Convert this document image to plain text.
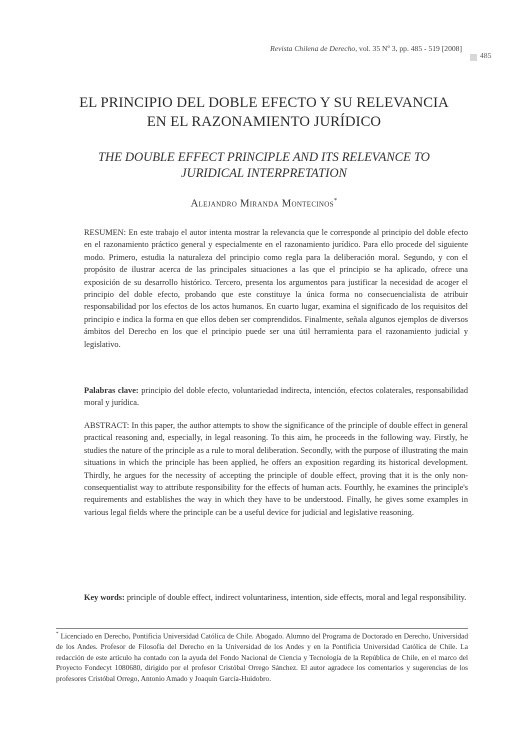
Revista Chilena de Derecho, vol. 35 Nº 3, pp. 485 - 519 [2008]
485
EL PRINCIPIO DEL DOBLE EFECTO Y SU RELEVANCIA
EN EL RAZONAMIENTO JURÍDICO
THE DOUBLE EFFECT PRINCIPLE AND ITS RELEVANCE TO
JURIDICAL INTERPRETATION
Alejandro Miranda Montecinos*
RESUMEN: En este trabajo el autor intenta mostrar la relevancia que le corresponde al principio del doble efecto en el razonamiento práctico general y especialmente en el razonamiento jurídico. Para ello procede del siguiente modo. Primero, estudia la naturaleza del principio como regla para la deliberación moral. Segundo, y con el propósito de ilustrar acerca de las principales situaciones a las que el principio se ha aplicado, ofrece una exposición de su desarrollo histórico. Tercero, presenta los argumentos para justificar la necesidad de acoger el principio del doble efecto, probando que este constituye la única forma no consecuencialista de atribuir responsabilidad por los efectos de los actos humanos. En cuarto lugar, examina el significado de los requisitos del principio e indica la forma en que ellos deben ser comprendidos. Finalmente, señala algunos ejemplos de diversos ámbitos del Derecho en los que el principio puede ser una útil herramienta para el razonamiento judicial y legislativo.
Palabras clave: principio del doble efecto, voluntariedad indirecta, intención, efectos colaterales, responsabilidad moral y jurídica.
ABSTRACT: In this paper, the author attempts to show the significance of the principle of double effect in general practical reasoning and, especially, in legal reasoning. To this aim, he proceeds in the following way. Firstly, he studies the nature of the principle as a rule to moral deliberation. Secondly, with the purpose of illustrating the main situations in which the principle has been applied, he offers an exposition regarding its historical development. Thirdly, he argues for the necessity of accepting the principle of double effect, proving that it is the only non-consequentialist way to attribute responsibility for the effects of human acts. Fourthly, he examines the principle's requirements and establishes the way in which they have to be understood. Finally, he gives some examples in various legal fields where the principle can be a useful device for judicial and legislative reasoning.
Key words: principle of double effect, indirect voluntariness, intention, side effects, moral and legal responsibility.
* Licenciado en Derecho, Pontificia Universidad Católica de Chile. Abogado. Alumno del Programa de Doctorado en Derecho, Universidad de los Andes. Profesor de Filosofía del Derecho en la Universidad de los Andes y en la Pontificia Universidad Católica de Chile. La redacción de este artículo ha contado con la ayuda del Fondo Nacional de Ciencia y Tecnología de la República de Chile, en el marco del Proyecto Fondecyt 1080680, dirigido por el profesor Cristóbal Orrego Sánchez. El autor agradece los comentarios y sugerencias de los profesores Cristóbal Orrego, Antonio Amado y Joaquín García-Huidobro.
